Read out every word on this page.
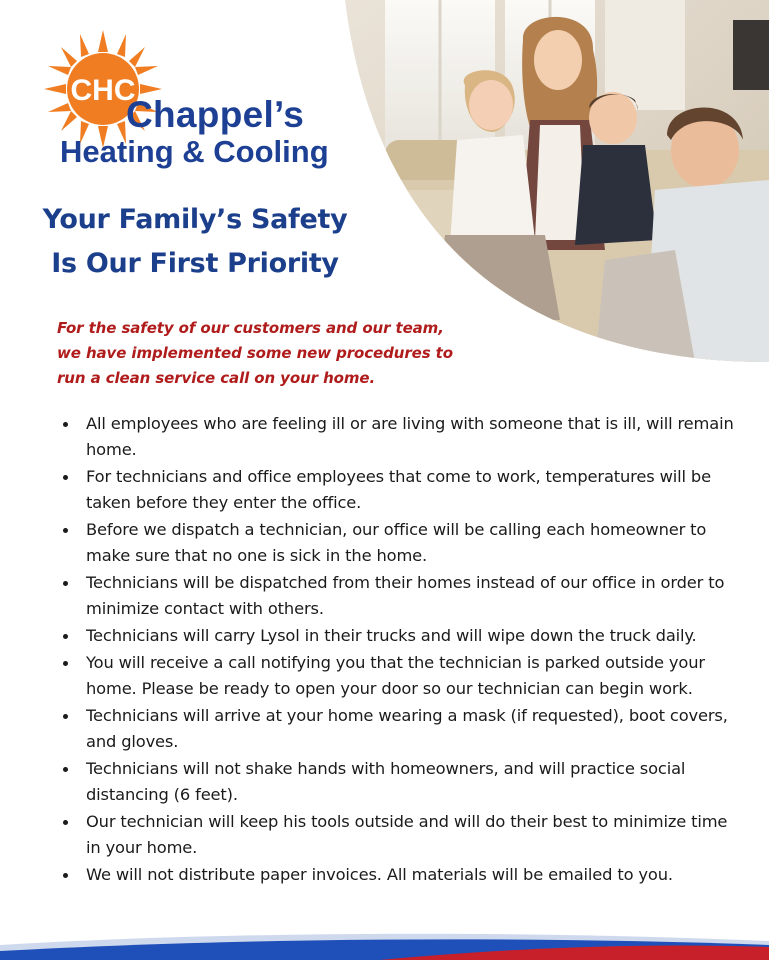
CHC
Chappel’s
Heating & Cooling
Your Family’s Safety
Is Our First Priority
For the safety of our customers and our team,
we have implemented some new procedures to
run a clean service call on your home.
All employees who are feeling ill or are living with someone that is ill, will remain home.
For technicians and office employees that come to work, temperatures will be taken before they enter the office.
Before we dispatch a technician, our office will be calling each homeowner to make sure that no one is sick in the home.
Technicians will be dispatched from their homes instead of our office in order to minimize contact with others.
Technicians will carry Lysol in their trucks and will wipe down the truck daily.
You will receive a call notifying you that the technician is parked outside your home. Please be ready to open your door so our technician can begin work.
Technicians will arrive at your home wearing a mask (if requested), boot covers, and gloves.
Technicians will not shake hands with homeowners, and will practice social distancing (6 feet).
Our technician will keep his tools outside and will do their best to minimize time in your home.
We will not distribute paper invoices. All materials will be emailed to you.
